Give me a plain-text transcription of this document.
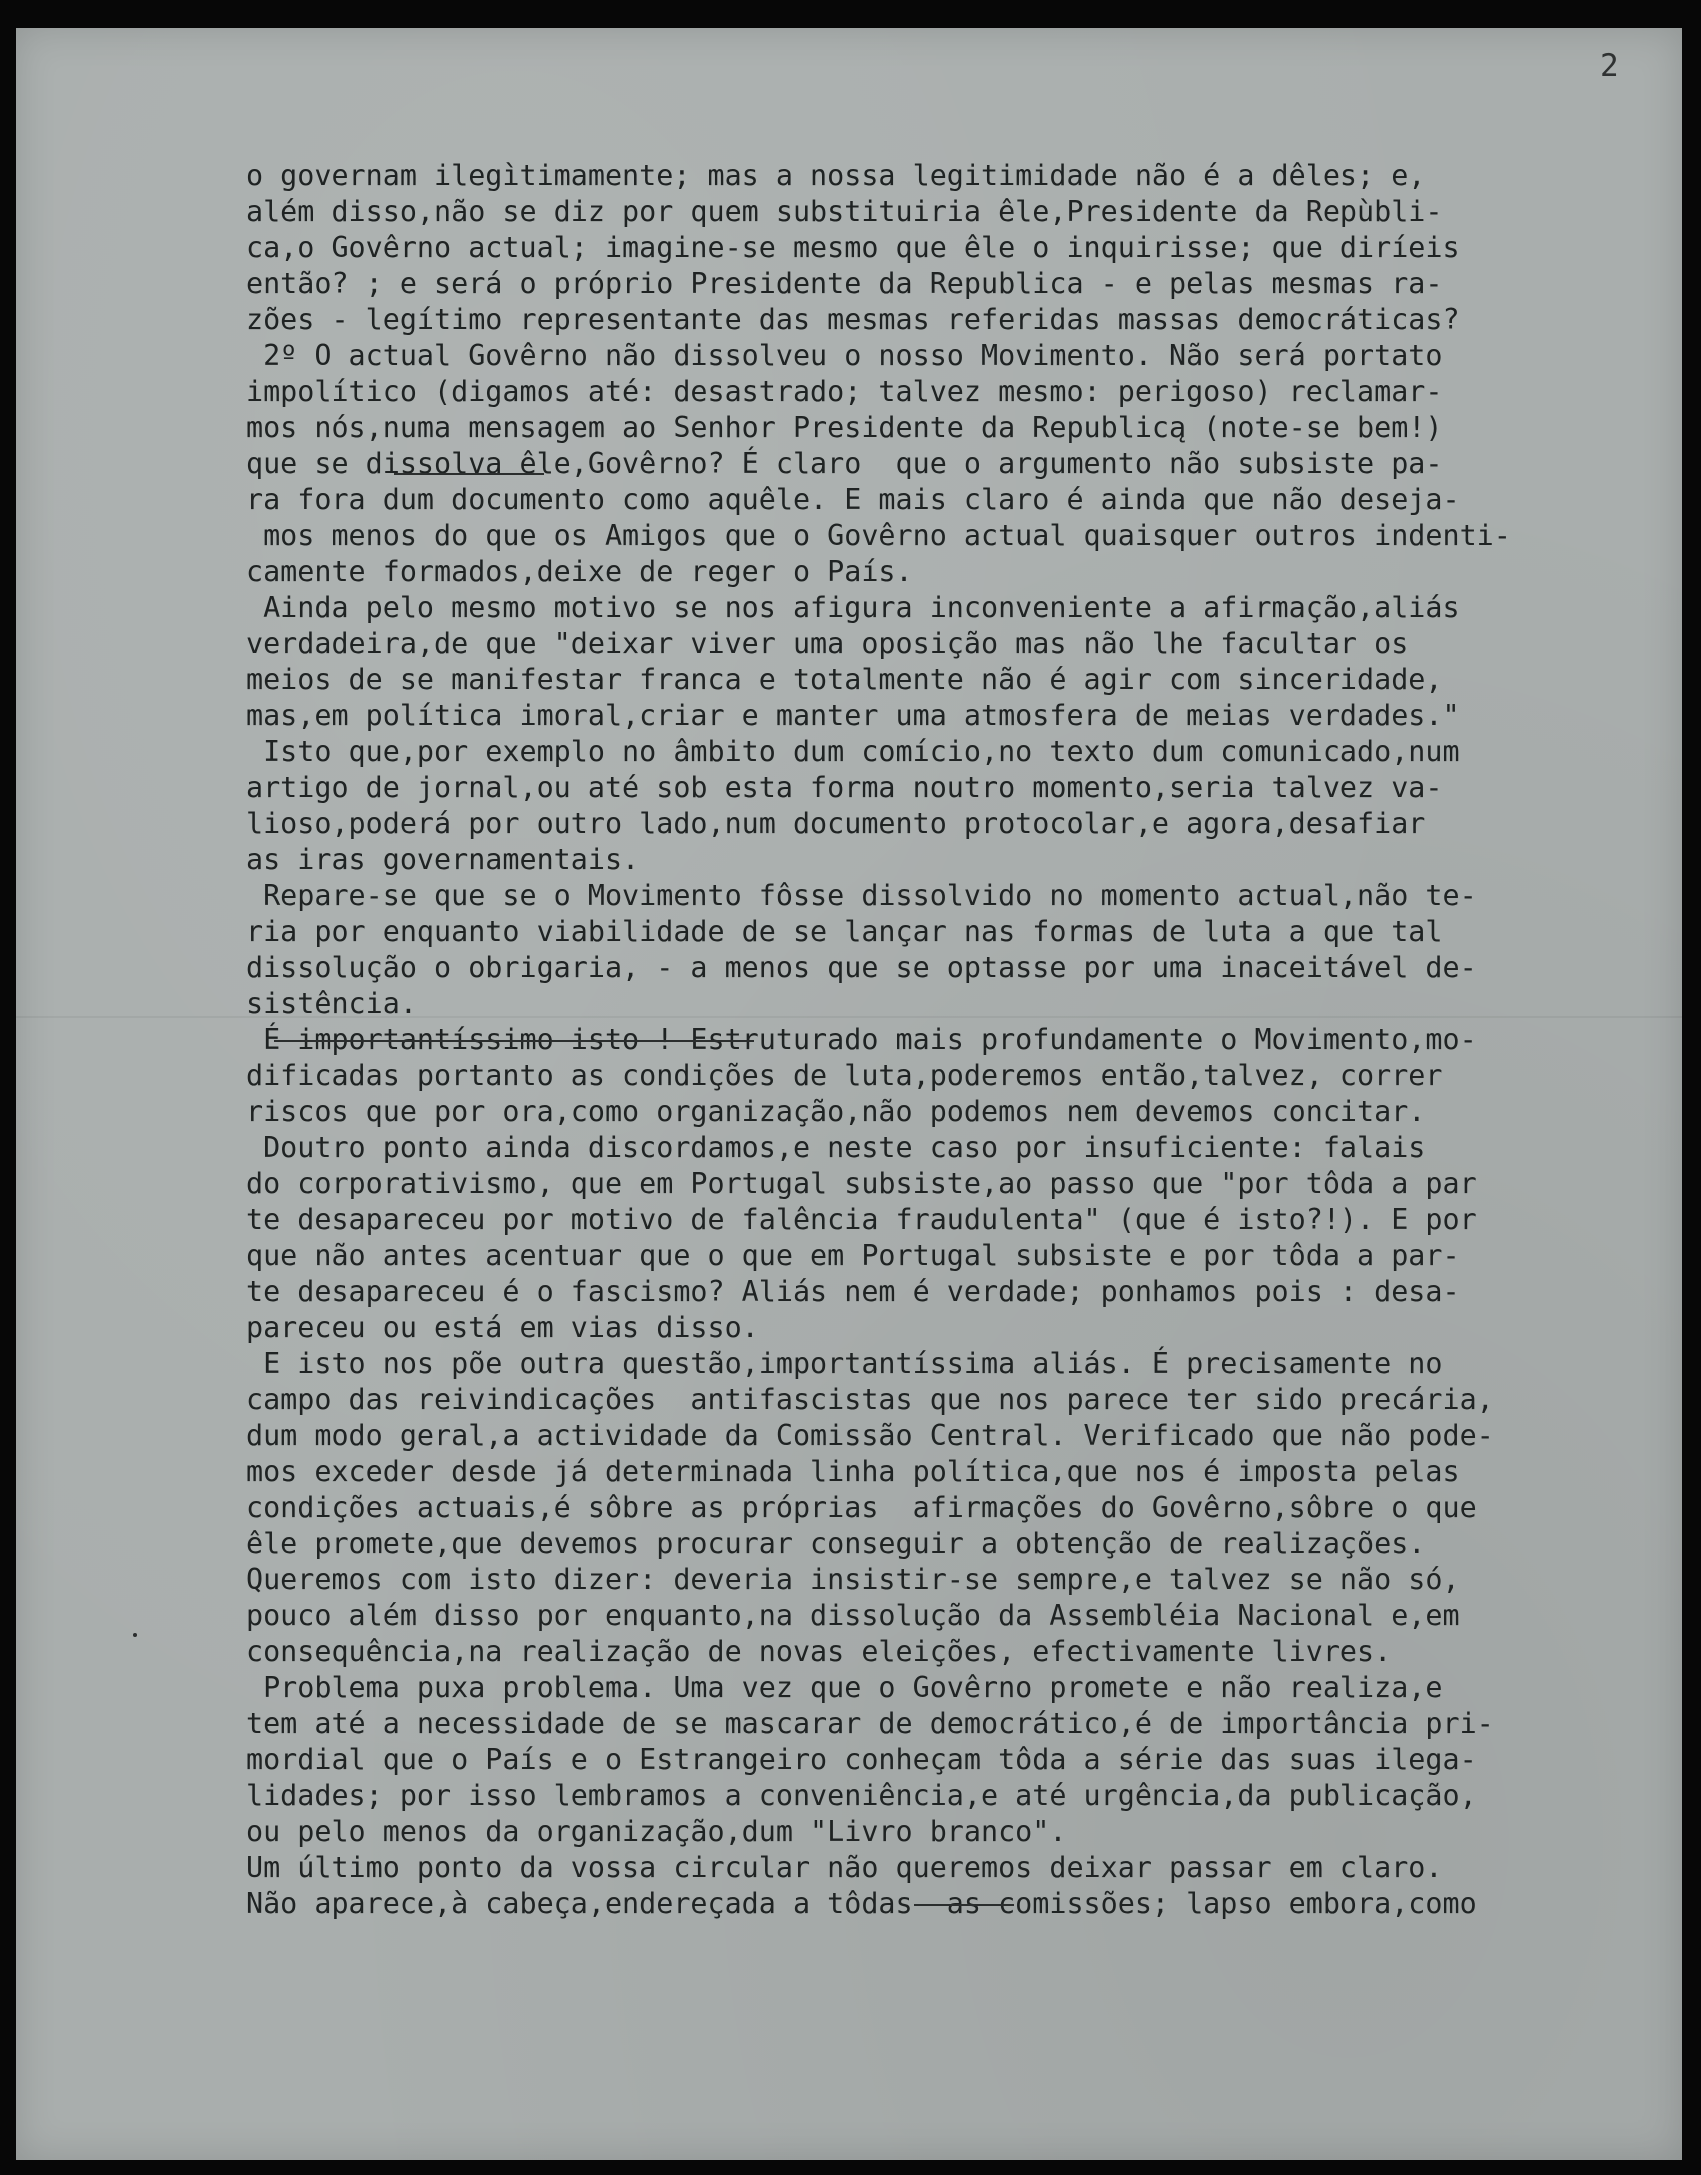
2
o governam ilegìtimamente; mas a nossa legitimidade não é a dêles; e,
além disso,não se diz por quem substituiria êle,Presidente da Repùbli-
ca,o Govêrno actual; imagine-se mesmo que êle o inquirisse; que diríeis
então? ; e será o próprio Presidente da Republica - e pelas mesmas ra-
zões - legítimo representante das mesmas referidas massas democráticas?
2º O actual Govêrno não dissolveu o nosso Movimento. Não será portato
impolítico (digamos até: desastrado; talvez mesmo: perigoso) reclamar-
mos nós,numa mensagem ao Senhor Presidente da Republicą (note-se bem!)
que se dissolva êle,Govêrno? É claro  que o argumento não subsiste pa-
ra fora dum documento como aquêle. E mais claro é ainda que não deseja-
mos menos do que os Amigos que o Govêrno actual quaisquer outros indenti-
camente formados,deixe de reger o País.
Ainda pelo mesmo motivo se nos afigura inconveniente a afirmação,aliás
verdadeira,de que "deixar viver uma oposição mas não lhe facultar os
meios de se manifestar franca e totalmente não é agir com sinceridade,
mas,em política imoral,criar e manter uma atmosfera de meias verdades."
Isto que,por exemplo no âmbito dum comício,no texto dum comunicado,num
artigo de jornal,ou até sob esta forma noutro momento,seria talvez va-
lioso,poderá por outro lado,num documento protocolar,e agora,desafiar
as iras governamentais.
Repare-se que se o Movimento fôsse dissolvido no momento actual,não te-
ria por enquanto viabilidade de se lançar nas formas de luta a que tal
dissolução o obrigaria, - a menos que se optasse por uma inaceitável de-
sistência.
É importantíssimo isto ! Estruturado mais profundamente o Movimento,mo-
dificadas portanto as condições de luta,poderemos então,talvez, correr
riscos que por ora,como organização,não podemos nem devemos concitar.
Doutro ponto ainda discordamos,e neste caso por insuficiente: falais
do corporativismo, que em Portugal subsiste,ao passo que "por tôda a par
te desapareceu por motivo de falência fraudulenta" (que é isto?!). E por
que não antes acentuar que o que em Portugal subsiste e por tôda a par-
te desapareceu é o fascismo? Aliás nem é verdade; ponhamos pois : desa-
pareceu ou está em vias disso.
E isto nos põe outra questão,importantíssima aliás. É precisamente no
campo das reivindicações  antifascistas que nos parece ter sido precária,
dum modo geral,a actividade da Comissão Central. Verificado que não pode-
mos exceder desde já determinada linha política,que nos é imposta pelas
condições actuais,é sôbre as próprias  afirmações do Govêrno,sôbre o que
êle promete,que devemos procurar conseguir a obtenção de realizações.
Queremos com isto dizer: deveria insistir-se sempre,e talvez se não só,
pouco além disso por enquanto,na dissolução da Assembléia Nacional e,em
consequência,na realização de novas eleições, efectivamente livres.
Problema puxa problema. Uma vez que o Govêrno promete e não realiza,e
tem até a necessidade de se mascarar de democrático,é de importância pri-
mordial que o País e o Estrangeiro conheçam tôda a série das suas ilega-
lidades; por isso lembramos a conveniência,e até urgência,da publicação,
ou pelo menos da organização,dum "Livro branco".
Um último ponto da vossa circular não queremos deixar passar em claro.
Não aparece,à cabeça,endereçada a tôdas  as comissões; lapso embora,como
